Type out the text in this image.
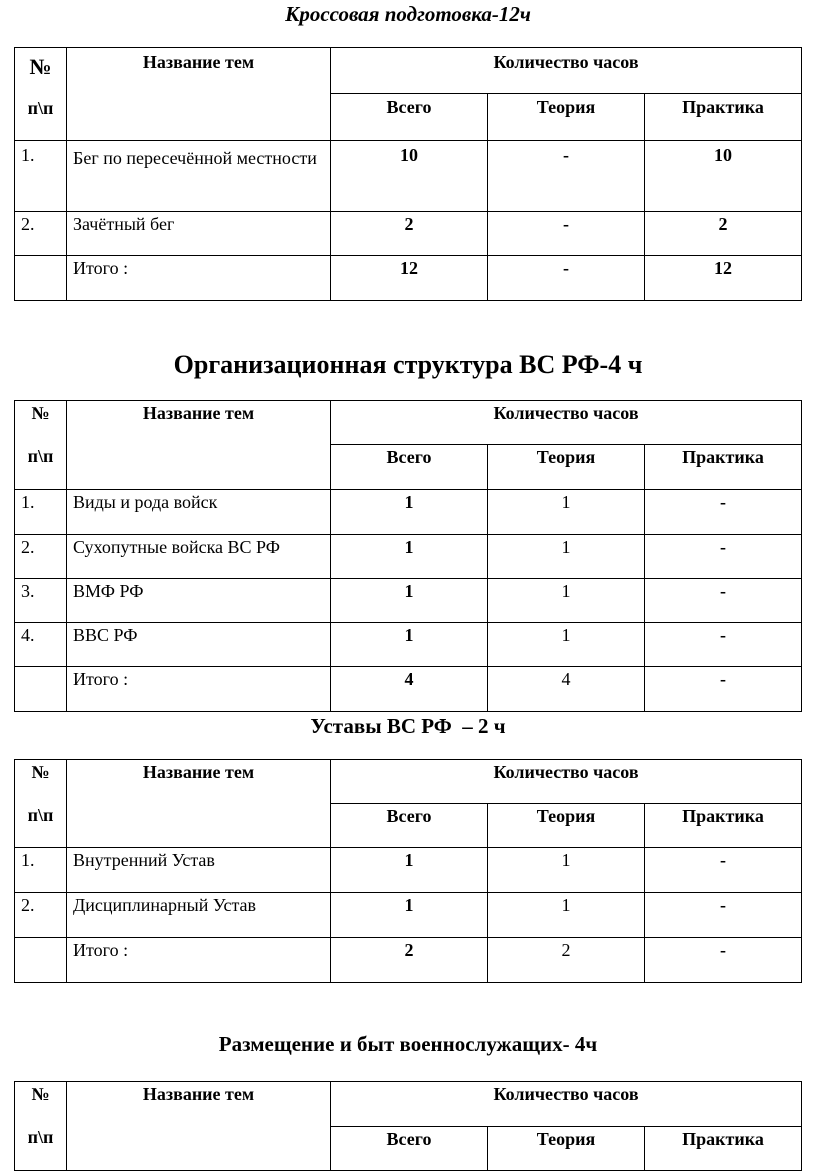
Кроссовая подготовка-12ч
№
п\п	Название тем	Количество часов		
		Всего	Теория	Практика
1.	Бег по пересечённой местности	10	-	10
2.	Зачётный бег	2	-	2
	Итого :	12	-	12
Организационная структура ВС РФ-4 ч
№
п\п	Название тем	Количество часов		
		Всего	Теория	Практика
1.	Виды и рода войск	1	1	-
2.	Сухопутные войска ВС РФ	1	1	-
3.	ВМФ РФ	1	1	-
4.	ВВС РФ	1	1	-
	Итого :	4	4	-
Уставы ВС РФ  – 2 ч
№
п\п	Название тем	Количество часов		
		Всего	Теория	Практика
1.	Внутренний Устав	1	1	-
2.	Дисциплинарный Устав	1	1	-
	Итого :	2	2	-
Размещение и быт военнослужащих- 4ч
№
п\п	Название тем	Количество часов		
		Всего	Теория	Практика
